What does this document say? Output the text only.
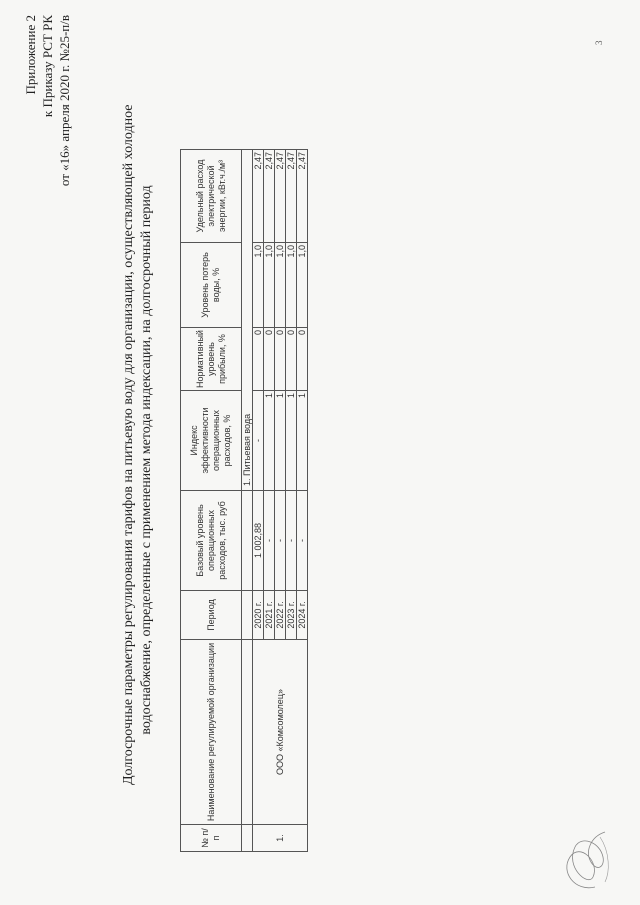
3
Приложение 2 к Приказу РСТ РК от «16» апреля 2020 г. №25-п/в
Долгосрочные параметры регулирования тарифов на питьевую воду для организации, осуществляющей холодное водоснабжение, определенные с применением метода индексации, на долгосрочный период
№ п/п	Наименование регулируемой организации	Период	Базовый уровень операционных расходов, тыс. руб	Индекс эффективности операционных расходов, %	Нормативный уровень прибыли, %	Уровень потерь воды, %	Удельный расход электрической энергии, кВт.ч./м³
				1. Питьевая вода			
1.	ООО «Комсомолец»	2020 г.	1 002,88	-	0	1,0	2,47
		2021 г.	-	1	0	1,0	2,47
		2022 г.	-	1	0	1,0	2,47
		2023 г.	-	1	0	1,0	2,47
		2024 г.	-	1	0	1,0	2,47
